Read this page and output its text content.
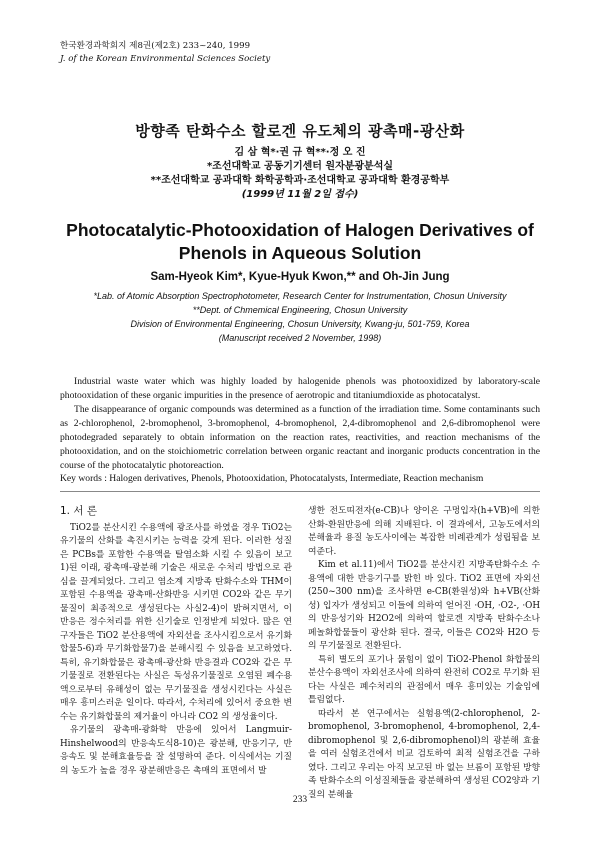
한국환경과학회지 제8권(제2호) 233~240, 1999
J. of the Korean Environmental Sciences Society
방향족 탄화수소 할로겐 유도체의 광촉매-광산화
김 삼 혁*·권 규 혁**·정 오 진
*조선대학교 공동기기센터 원자분광분석실
**조선대학교 공과대학 화학공학과·조선대학교 공과대학 환경공학부
(1999년 11월 2일 접수)
Photocatalytic-Photooxidation of Halogen Derivatives of
Phenols in Aqueous Solution
Sam-Hyeok Kim*, Kyue-Hyuk Kwon,** and Oh-Jin Jung
*Lab. of Atomic Absorption Spectrophotometer, Research Center for Instrumentation, Chosun University
**Dept. of Chmemical Engineering, Chosun University
Division of Environmental Engineering, Chosun University, Kwang-ju, 501-759, Korea
(Manuscript received 2 November, 1998)

Industrial waste water which was highly loaded by halogenide phenols was photooxidized by laboratory-scale photooxidation of these organic impurities in the presence of aerotropic and titaniumdioxide as photocatalyst.

The disappearance of organic compounds was determined as a function of the irradiation time. Some contaminants such as 2-chlorophenol, 2-bromophenol, 3-bromophenol, 4-bromophenol, 2,4-dibromophenol and 2,6-dibromophenol were photodegraded separately to obtain information on the reaction rates, reactivities, and reaction mechanisms of the photooxidation, and on the stoichiometric correlation between organic reactant and inorganic products concentration in the course of the photocatalytic photoreaction.

Key words : Halogen derivatives, Phenols, Photooxidation, Photocatalysts, Intermediate, Reaction mechanism

1. 서 론

TiO2를 분산시킨 수용액에 광조사를 하였을 경우 TiO2는 유기물의 산화를 촉진시키는 능력을 갖게 된다. 이러한 성질은 PCBs를 포함한 수용액을 탈염소화 시킬 수 있음이 보고1)된 이래, 광촉매-광분해 기술은 새로운 수처리 방법으로 관심을 끌게되었다. 그리고 염소계 지방족 탄화수소와 THM이 포함된 수용액을 광촉매-산화반응 시키면 CO2와 같은 무기물질이 최종적으로 생성된다는 사실2-4)이 밝혀지면서, 이 반응은 정수처리를 위한 신기술로 인정받게 되었다. 많은 연구자들은 TiO2 분산용액에 자외선을 조사시킴으로서 유기화합물5-6)과 무기화합물7)을 분해시킬 수 있음을 보고하였다. 특히, 유기화합물은 광촉매-광산화 반응결과 CO2와 같은 무기물질로 전환된다는 사실은 독성유기물질로 오염된 폐수용액으로부터 유해성이 없는 무기물질을 생성시킨다는 사실은 매우 흥미스러운 일이다. 따라서, 수처리에 있어서 중요한 변수는 유기화합물의 제거율이 아니라 CO2 의 생성율이다.

유기물의 광촉매-광화학 반응에 있어서 Langmuir-Hinshelwood의 반응속도식8-10)은 광분해, 반응기구, 반응속도 및 분해효율등을 잘 설명하여 준다. 이식에서는 기질의 농도가 높을 경우 광분해반응은 촉매의 표면에서 발

생한 전도띠전자(e-CB)나 양이온 구멍입자(h+VB)에 의한 산화-환원반응에 의해 지배된다. 이 결과에서, 고농도에서의 분해율과 용질 농도사이에는 복잡한 비례관계가 성립됨을 보여준다.

Kim et al.11)에서 TiO2를 분산시킨 지방족탄화수소 수용액에 대한 반응기구를 밝힌 바 있다. TiO2 표면에 자외선(250~300 nm)을 조사하면 e-CB(환원성)와 h+VB(산화성) 입자가 생성되고 이들에 의하여 얻어진 ·OH, ·O2-, ·OH의 반응성기와 H2O2에 의하여 할로겐 지방족 탄화수소나 페놀화합물들이 광산화 된다. 결국, 이들은 CO2와 H2O 등의 무기물질로 전환된다.

특히 별도의 포기나 묽힘이 없이 TiO2-Phenol 화합물의 분산수용액이 자외선조사에 의하여 완전히 CO2로 무기화 된다는 사실은 폐수처리의 관점에서 매우 흥미있는 기술임에 틀림없다.

따라서 본 연구에서는 실험용액(2-chlorophenol, 2-bromophenol, 3-bromophenol, 4-bromophenol, 2,4-dibromophenol 및 2,6-dibromophenol)의 광분해 효율을 여러 실험조건에서 비교 검토하여 최적 실험조건을 구하였다. 그리고 우리는 아직 보고된 바 없는 브롬이 포함된 방향족 탄화수소의 이성질체들을 광분해하여 생성된 CO2양과 기질의 분해율

233
